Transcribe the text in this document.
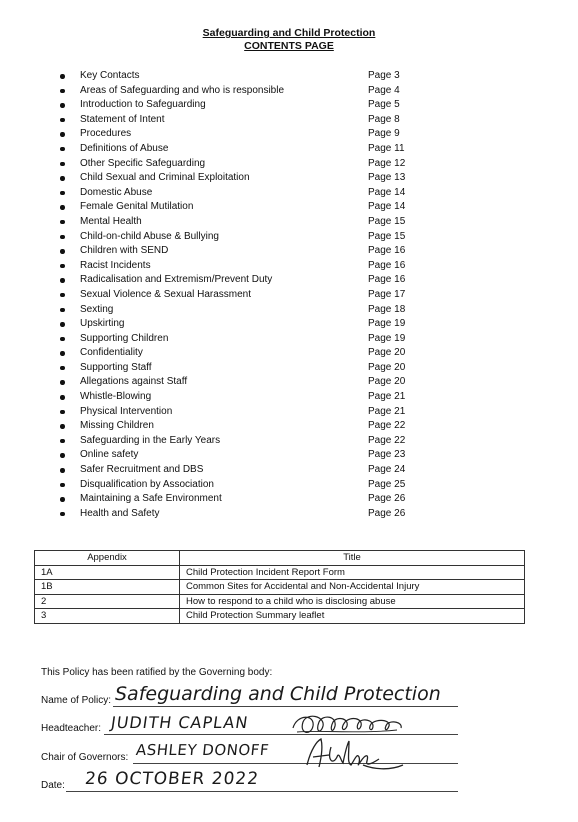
Safeguarding and Child Protection
CONTENTS PAGE
Key Contacts	Page 3
Areas of Safeguarding and who is responsible	Page 4
Introduction to Safeguarding	Page 5
Statement of Intent	Page 8
Procedures	Page 9
Definitions of Abuse	Page 11
Other Specific Safeguarding	Page 12
Child Sexual and Criminal Exploitation	Page 13
Domestic Abuse	Page 14
Female Genital Mutilation	Page 14
Mental Health	Page 15
Child-on-child Abuse & Bullying	Page 15
Children with SEND	Page 16
Racist Incidents	Page 16
Radicalisation and Extremism/Prevent Duty	Page 16
Sexual Violence & Sexual Harassment	Page 17
Sexting	Page 18
Upskirting	Page 19
Supporting Children	Page 19
Confidentiality	Page 20
Supporting Staff	Page 20
Allegations against Staff	Page 20
Whistle-Blowing	Page 21
Physical Intervention	Page 21
Missing Children	Page 22
Safeguarding in the Early Years	Page 22
Online safety	Page 23
Safer Recruitment and DBS	Page 24
Disqualification by Association	Page 25
Maintaining a Safe Environment	Page 26
Health and Safety	Page 26
Appendix	Title
1A	Child Protection Incident Report Form
1B	Common Sites for Accidental and Non-Accidental Injury
2	How to respond to a child who is disclosing abuse
3	Child Protection Summary leaflet
This Policy has been ratified by the Governing body:
Name of Policy: Safeguarding and Child Protection
Headteacher: JUDITH CAPLAN
Chair of Governors: ASHLEY DONOFF
Date: 26 OCTOBER 2022
